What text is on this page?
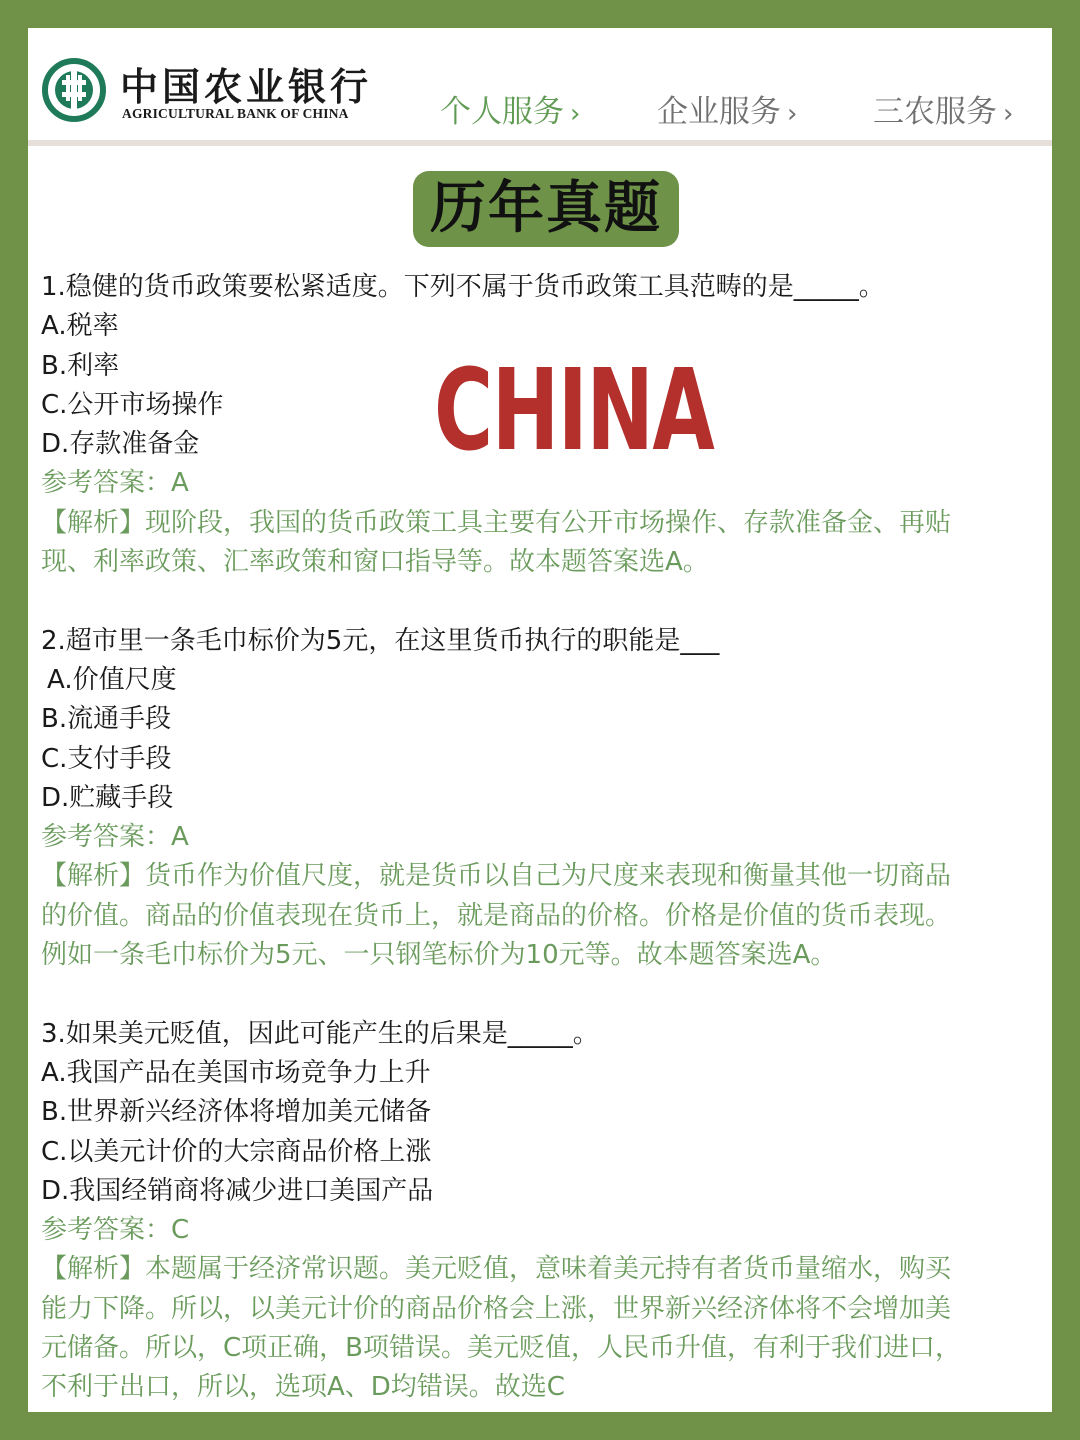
中国农业银行
AGRICULTURAL BANK OF CHINA	个人服务 › 企业服务 › 三农服务 ›
历年真题
CHINA
1.稳健的货币政策要松紧适度。下列不属于货币政策工具范畴的是_____。
A.税率
B.利率
C.公开市场操作
D.存款准备金
参考答案：A
【解析】现阶段，我国的货币政策工具主要有公开市场操作、存款准备金、再贴
现、利率政策、汇率政策和窗口指导等。故本题答案选A。
2.超市里一条毛巾标价为5元，在这里货币执行的职能是___
A.价值尺度
B.流通手段
C.支付手段
D.贮藏手段
参考答案：A
【解析】货币作为价值尺度，就是货币以自己为尺度来表现和衡量其他一切商品
的价值。商品的价值表现在货币上，就是商品的价格。价格是价值的货币表现。
例如一条毛巾标价为5元、一只钢笔标价为10元等。故本题答案选A。
3.如果美元贬值，因此可能产生的后果是_____。
A.我国产品在美国市场竞争力上升
B.世界新兴经济体将增加美元储备
C.以美元计价的大宗商品价格上涨
D.我国经销商将减少进口美国产品
参考答案：C
【解析】本题属于经济常识题。美元贬值，意味着美元持有者货币量缩水，购买
能力下降。所以，以美元计价的商品价格会上涨，世界新兴经济体将不会增加美
元储备。所以，C项正确，B项错误。美元贬值，人民币升值，有利于我们进口，
不利于出口，所以，选项A、D均错误。故选C
